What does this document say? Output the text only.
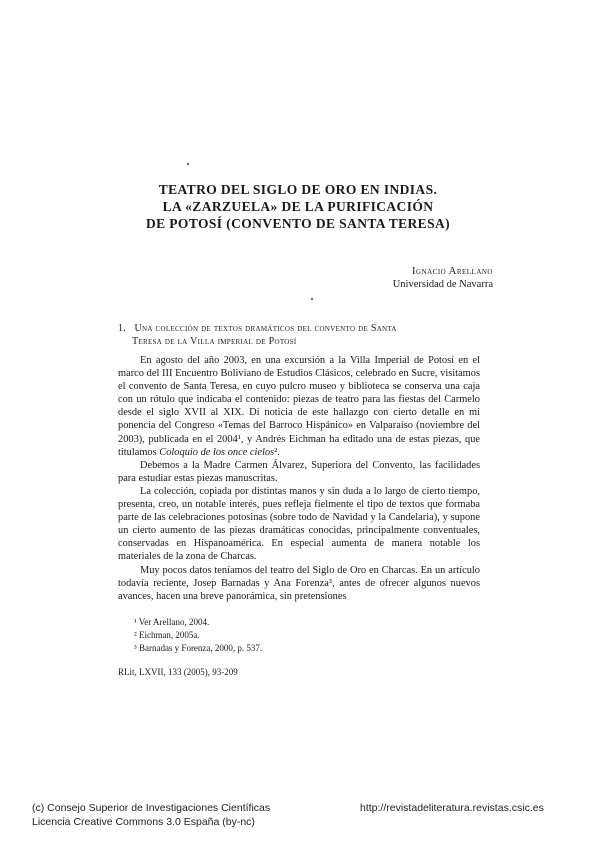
TEATRO DEL SIGLO DE ORO EN INDIAS.
LA «ZARZUELA» DE LA PURIFICACIÓN
DE POTOSÍ (CONVENTO DE SANTA TERESA)
Ignacio Arellano
Universidad de Navarra
1. Una colección de textos dramáticos del convento de Santa
Teresa de la Villa imperial de Potosí

En agosto del año 2003, en una excursión a la Villa Imperial de Potosí en el marco del III Encuentro Boliviano de Estudios Clásicos, celebrado en Sucre, visitamos el convento de Santa Teresa, en cuyo pulcro museo y biblioteca se conserva una caja con un rótulo que indicaba el contenido: piezas de teatro para las fiestas del Carmelo desde el siglo XVII al XIX. Di noticia de este hallazgo con cierto detalle en mi ponencia del Congreso «Temas del Barroco Hispánico» en Valparaíso (noviembre del 2003), publicada en el 2004¹, y Andrés Eichman ha editado una de estas piezas, que titulamos Coloquio de los once cielos².

Debemos a la Madre Carmen Álvarez, Superiora del Convento, las facilidades para estudiar estas piezas manuscritas.

La colección, copiada por distintas manos y sin duda a lo largo de cierto tiempo, presenta, creo, un notable interés, pues refleja fielmente el tipo de textos que formaba parte de las celebraciones potosinas (sobre todo de Navidad y la Candelaria), y supone un cierto aumento de las piezas dramáticas conocidas, principalmente conventuales, conservadas en Hispanoamérica. En especial aumenta de manera notable los materiales de la zona de Charcas.

Muy pocos datos teníamos del teatro del Siglo de Oro en Charcas. En un artículo todavía reciente, Josep Barnadas y Ana Forenza³, antes de ofrecer algunos nuevos avances, hacen una breve panorámica, sin pretensiones

¹ Ver Arellano, 2004.
² Eichman, 2005a.
³ Barnadas y Forenza, 2000, p. 537.
RLit, LXVII, 133 (2005), 93-209
(c) Consejo Superior de Investigaciones Científicas
Licencia Creative Commons 3.0 España (by-nc)
http://revistadeliteratura.revistas.csic.es
